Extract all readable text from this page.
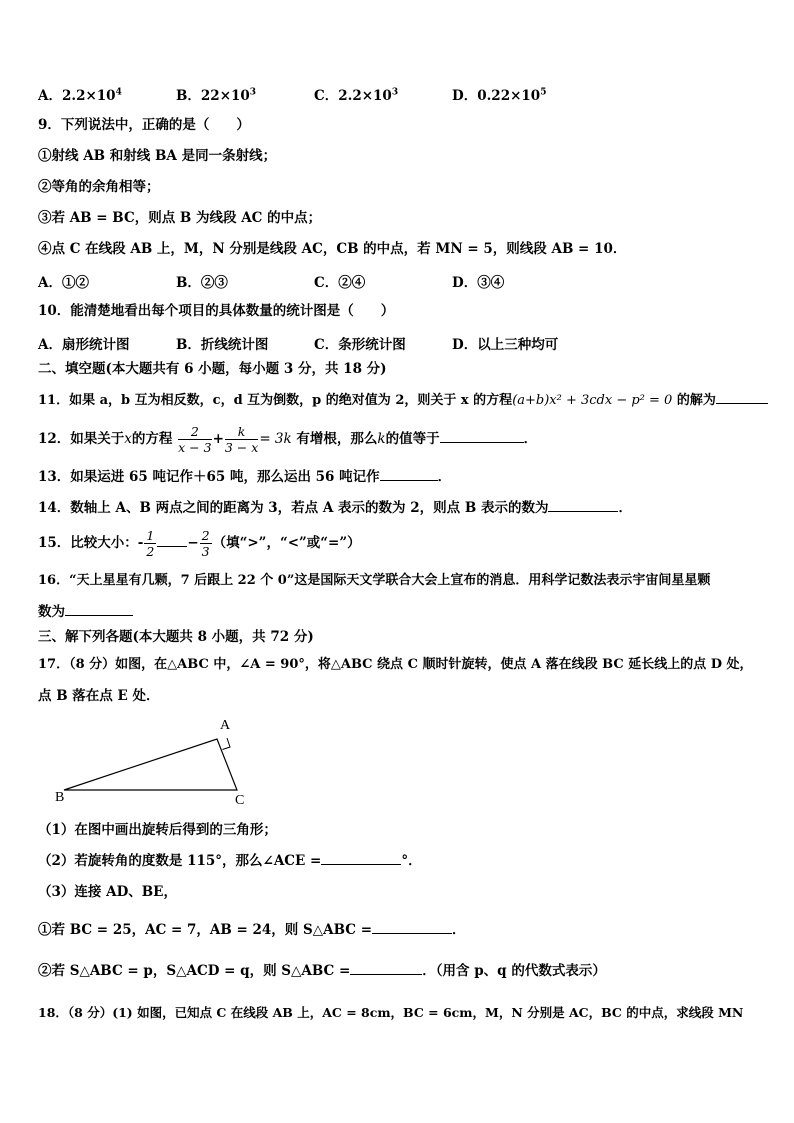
A．$2.2\times 10^4$	B．$22\times 10^3$	C．$2.2\times 10^3$	D．$0.22\times 10^5$
9．下列说法中，正确的是（　　）
①射线 AB 和射线 BA 是同一条射线；
②等角的余角相等；
③若 AB = BC，则点 B 为线段 AC 的中点；
④点 C 在线段 AB 上，M，N 分别是线段 AC，CB 的中点，若 MN = 5，则线段 AB = 10．
A．①②	B．②③	C．②④	D．③④
10．能清楚地看出每个项目的具体数量的统计图是（　　）
A．扇形统计图	B．折线统计图	C．条形统计图	D．以上三种均可
二、填空题(本大题共有 6 小题，每小题 3 分，共 18 分)
11．如果 a，b 互为相反数，c，d 互为倒数，p 的绝对值为 2，则关于 x 的方程(a+b)x² + 3cdx − p² = 0 的解为
12．如果关于x的方程 $\frac{2}{x - 3} + \frac{k}{3 - x} = 3k$ 有增根，那么k的值等于	．
13．如果运进 65 吨记作＋65 吨，那么运出 56 吨记作	．
14．数轴上 A、B 两点之间的距离为 3，若点 A 表示的数为 2，则点 B 表示的数为	．
15．比较大小：- $\frac{1}{2} - \frac{2}{3}$ （填“>”，“<”或“=”）
16．“天上星星有几颗，7 后跟上 22 个 0”这是国际天文学联合大会上宣布的消息．用科学记数法表示宇宙间星星颗
数为
三、解下列各题(本大题共 8 小题，共 72 分)
17．（8 分）如图，在△ABC 中，∠A = 90°，将△ABC 绕点 C 顺时针旋转，使点 A 落在线段 BC 延长线上的点 D 处，
点 B 落在点 E 处．
A
B	C
（1）在图中画出旋转后得到的三角形；
（2）若旋转角的度数是 115°，那么∠ACE =	°．
（3）连接 AD、BE，
①若 BC = 25，AC = 7，AB = 24，则 S△ABC =	．
②若 S△ABC = p，S△ACD = q，则 S△ABC =	．（用含 p、q 的代数式表示）
18．（8 分）(1) 如图，已知点 C 在线段 AB 上，AC = 8cm，BC = 6cm，M，N 分别是 AC，BC 的中点，求线段 MN
